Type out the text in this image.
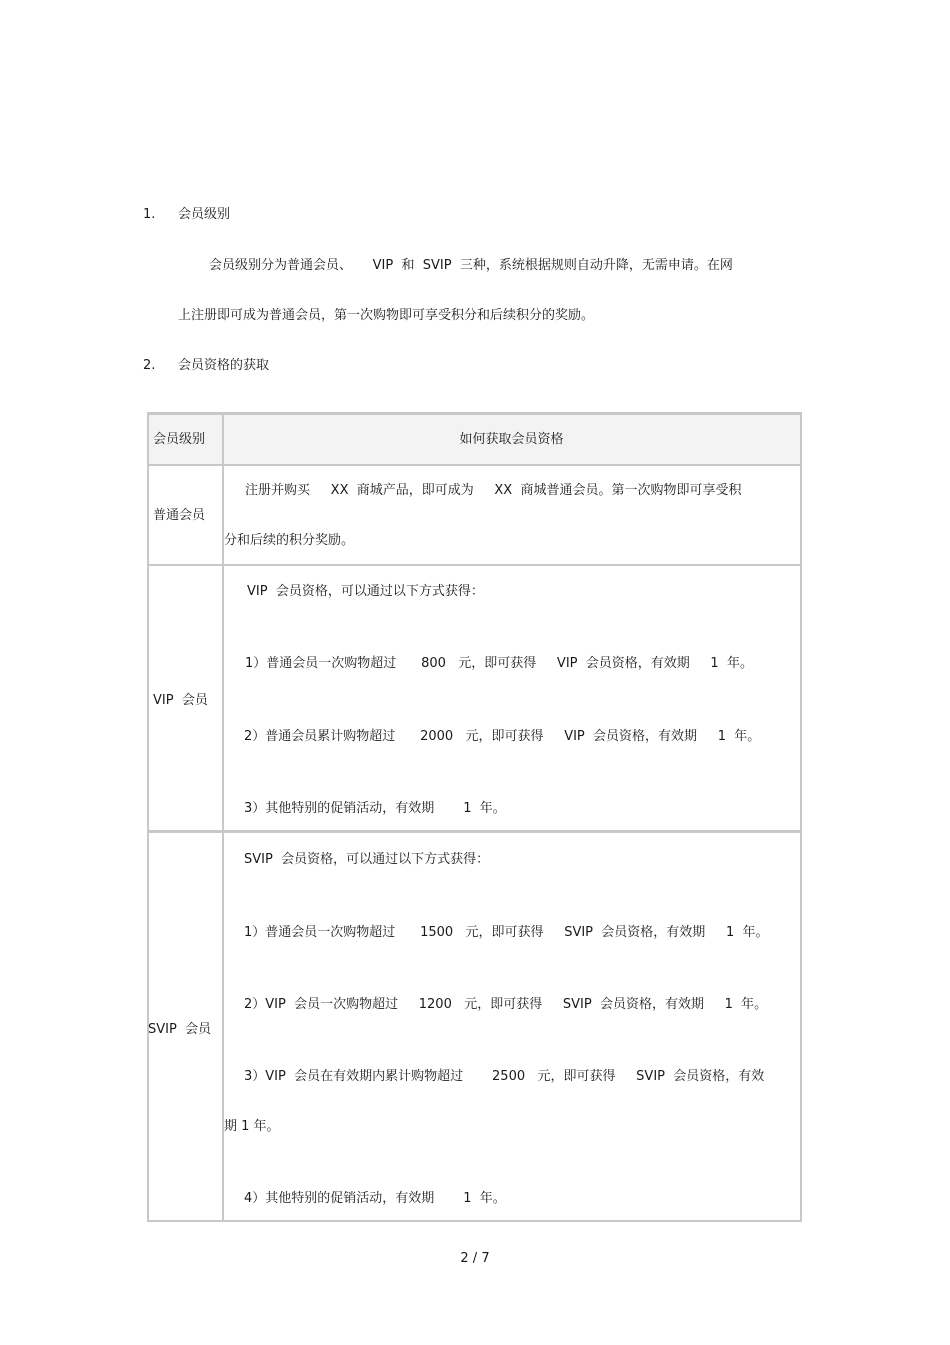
1. 会员级别
会员级别分为普通会员、     VIP  和  SVIP  三种，系统根据规则自动升降，无需申请。在网
上注册即可成为普通会员，第一次购物即可享受积分和后续积分的奖励。
2. 会员资格的获取
会员级别	如何获取会员资格
普通会员
注册并购买     XX  商城产品，即可成为     XX  商城普通会员。第一次购物即可享受积
分和后续的积分奖励。
VIP  会员
VIP  会员资格，可以通过以下方式获得：
1）普通会员一次购物超过      800   元，即可获得     VIP  会员资格，有效期     1  年。
2）普通会员累计购物超过      2000   元，即可获得     VIP  会员资格，有效期     1  年。
3）其他特别的促销活动，有效期       1  年。
SVIP  会员
SVIP  会员资格，可以通过以下方式获得：
1）普通会员一次购物超过      1500   元，即可获得     SVIP  会员资格，有效期     1  年。
2）VIP  会员一次购物超过     1200   元，即可获得     SVIP  会员资格，有效期     1  年。
3）VIP  会员在有效期内累计购物超过       2500   元，即可获得     SVIP  会员资格，有效
期 1 年。
4）其他特别的促销活动，有效期       1  年。
2 / 7
